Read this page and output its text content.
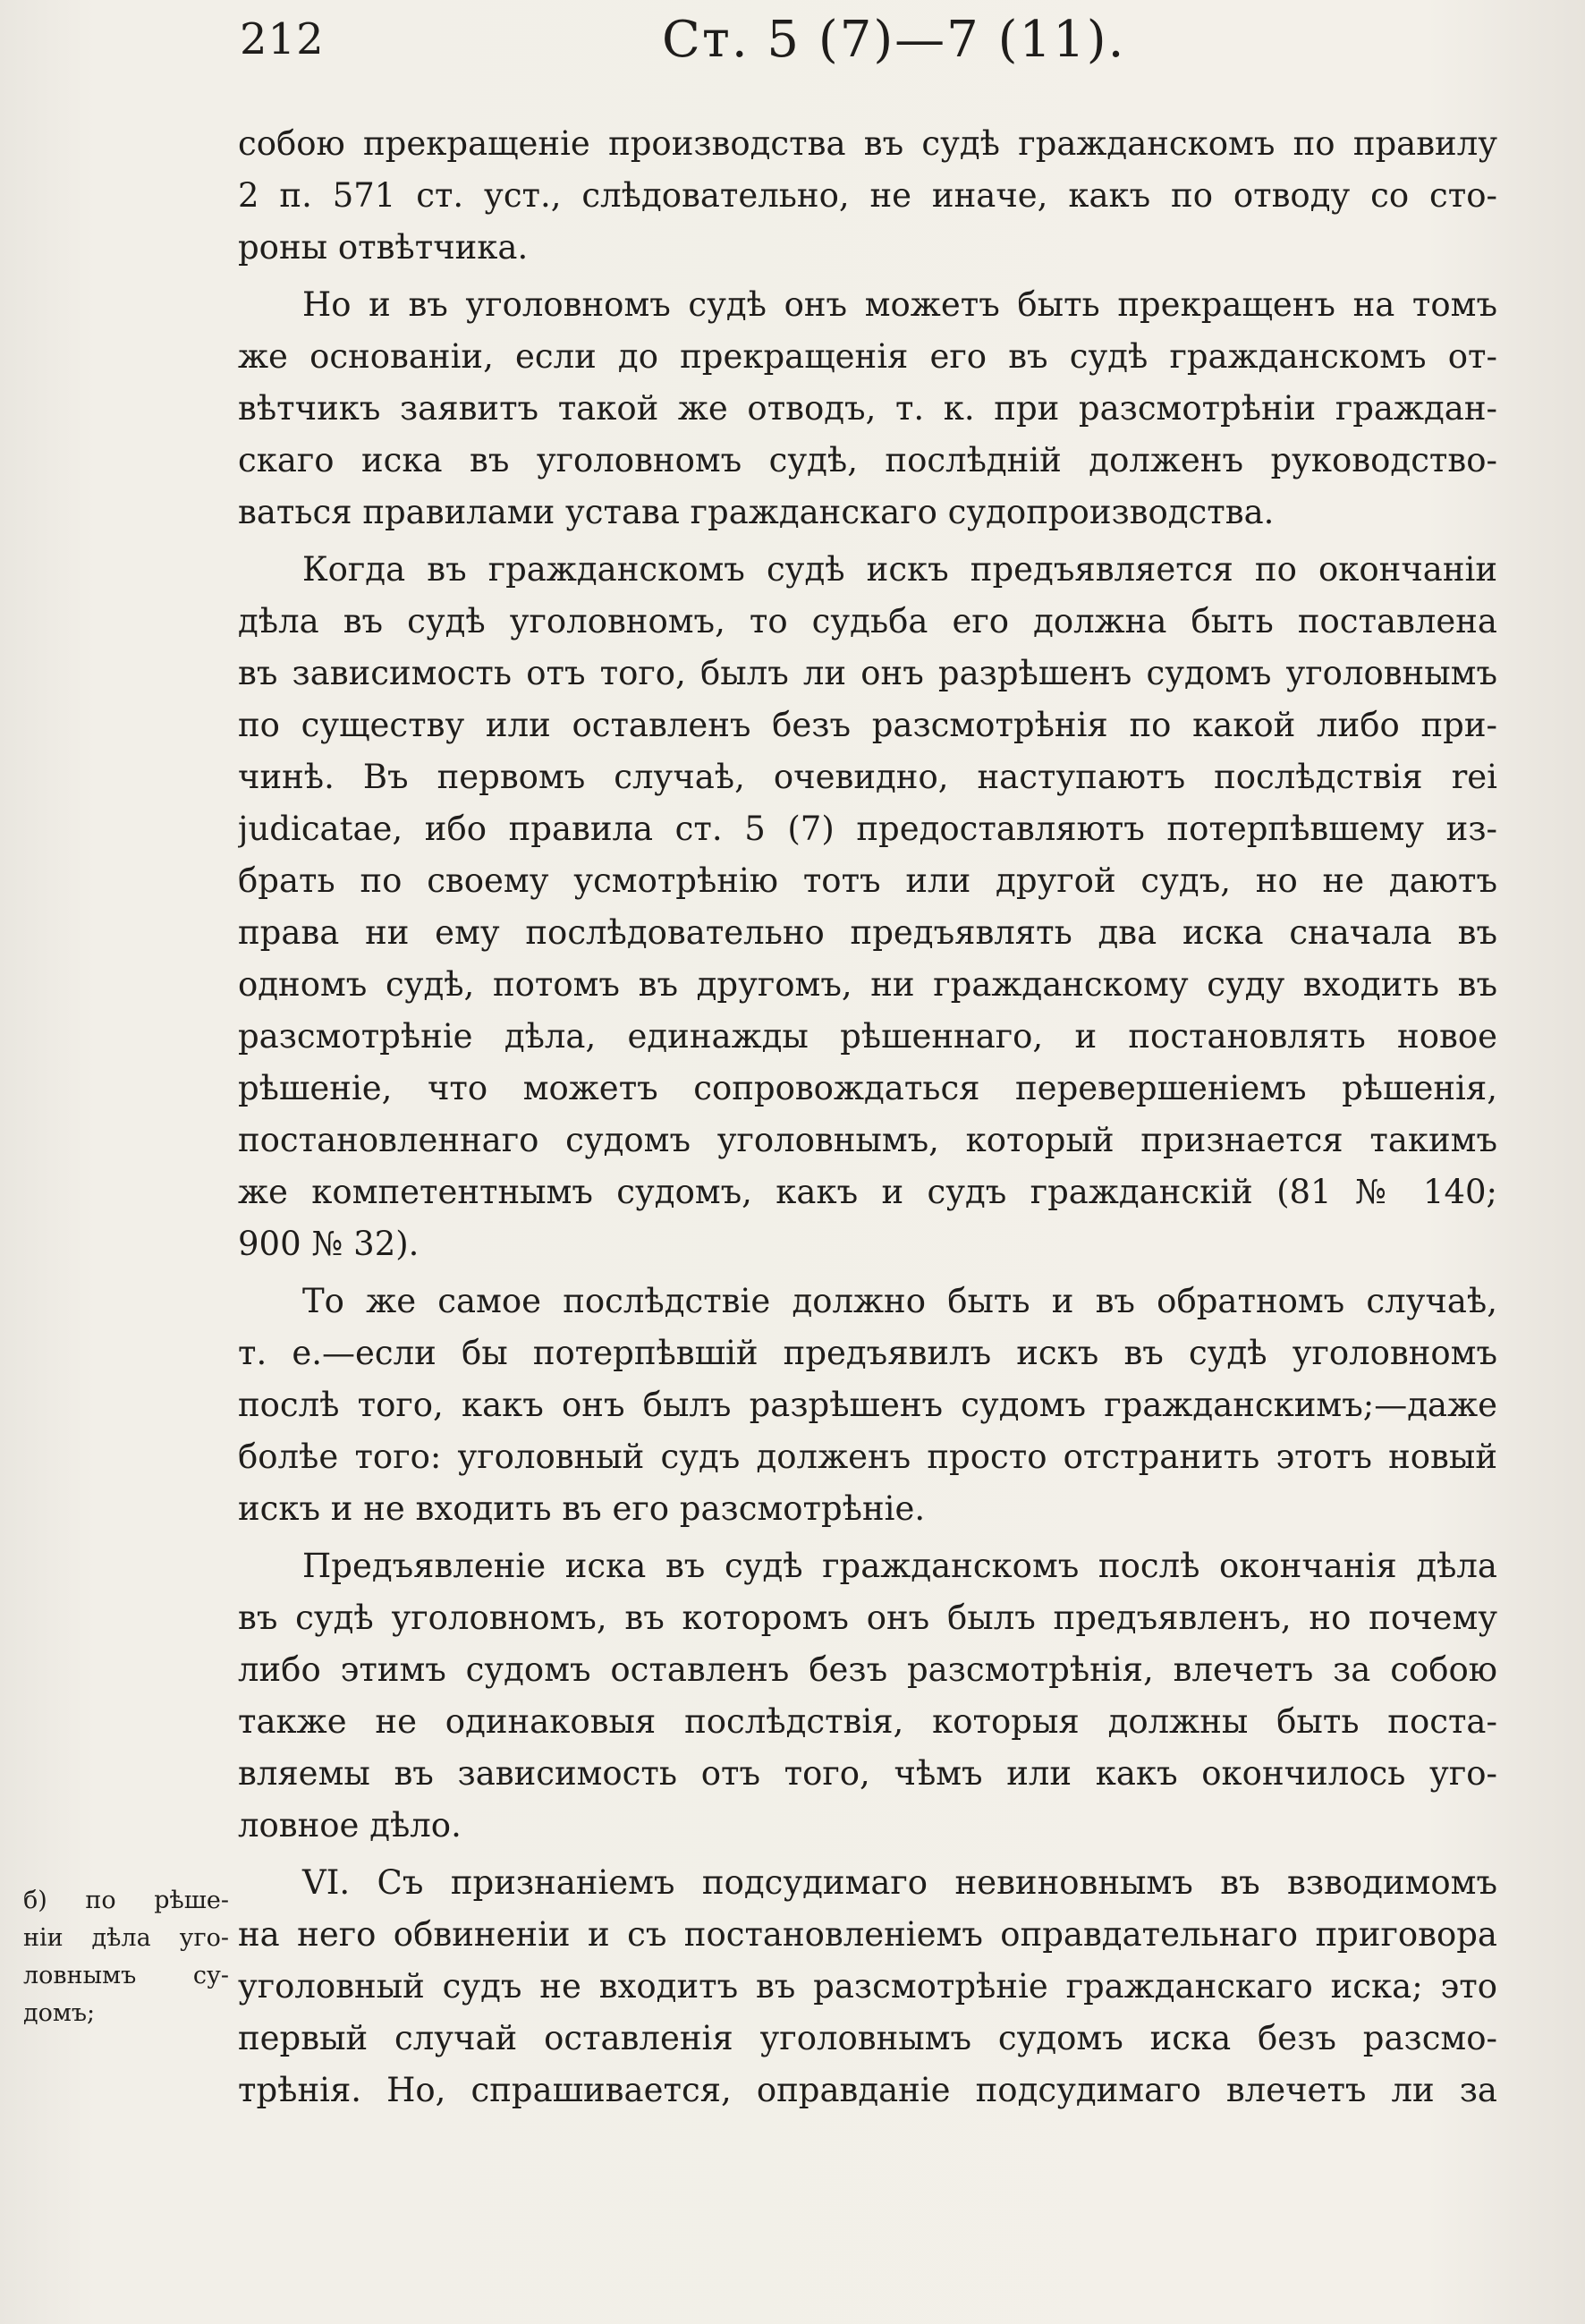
212	Ст. 5 (7)—7 (11).
собою прекращеніе производства въ судѣ гражданскомъ по правилу
2 п. 571 ст. уст., слѣдовательно, не иначе, какъ по отводу со сто-
роны отвѣтчика.
Но и въ уголовномъ судѣ онъ можетъ быть прекращенъ на томъ
же основаніи, если до прекращенія его въ судѣ гражданскомъ от-
вѣтчикъ заявитъ такой же отводъ, т. к. при разсмотрѣніи граждан-
скаго иска въ уголовномъ судѣ, послѣдній долженъ руководство-
ваться правилами устава гражданскаго судопроизводства.
Когда въ гражданскомъ судѣ искъ предъявляется по окончаніи
дѣла въ судѣ уголовномъ, то судьба его должна быть поставлена
въ зависимость отъ того, былъ ли онъ разрѣшенъ судомъ уголовнымъ
по существу или оставленъ безъ разсмотрѣнія по какой либо при-
чинѣ. Въ первомъ случаѣ, очевидно, наступаютъ послѣдствія rei
judicatae, ибо правила ст. 5 (7) предоставляютъ потерпѣвшему из-
брать по своему усмотрѣнію тотъ или другой судъ, но не даютъ
права ни ему послѣдовательно предъявлять два иска сначала въ
одномъ судѣ, потомъ въ другомъ, ни гражданскому суду входить въ
разсмотрѣніе дѣла, единажды рѣшеннаго, и постановлять новое
рѣшеніе, что можетъ сопровождаться перевершеніемъ рѣшенія,
постановленнаго судомъ уголовнымъ, который признается такимъ
же компетентнымъ судомъ, какъ и судъ гражданскій (81 № 140;
900 № 32).
То же самое послѣдствіе должно быть и въ обратномъ случаѣ,
т. е.—если бы потерпѣвшій предъявилъ искъ въ судѣ уголовномъ
послѣ того, какъ онъ былъ разрѣшенъ судомъ гражданскимъ;—даже
болѣе того: уголовный судъ долженъ просто отстранить этотъ новый
искъ и не входить въ его разсмотрѣніе.
Предъявленіе иска въ судѣ гражданскомъ послѣ окончанія дѣла
въ судѣ уголовномъ, въ которомъ онъ былъ предъявленъ, но почему
либо этимъ судомъ оставленъ безъ разсмотрѣнія, влечетъ за собою
также не одинаковыя послѣдствія, которыя должны быть поста-
вляемы въ зависимость отъ того, чѣмъ или какъ окончилось уго-
ловное дѣло.
VI. Съ признаніемъ подсудимаго невиновнымъ въ взводимомъ
на него обвиненіи и съ постановленіемъ оправдательнаго приговора
уголовный судъ не входитъ въ разсмотрѣніе гражданскаго иска; это
первый случай оставленія уголовнымъ судомъ иска безъ разсмо-
трѣнія. Но, спрашивается, оправданіе подсудимаго влечетъ ли за
б) по рѣше-
ніи дѣла уго-
ловнымъ су-
домъ;
